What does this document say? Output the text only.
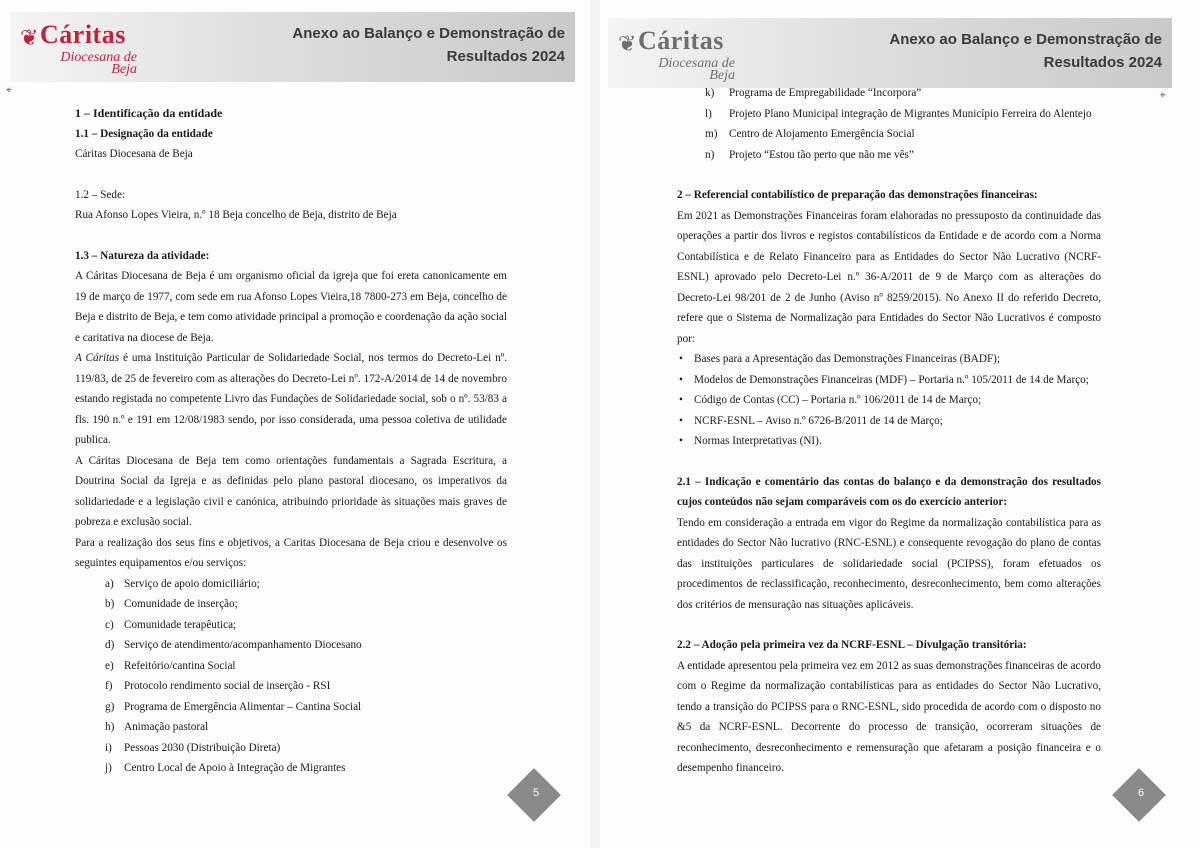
❦ Cáritas
Diocesana de
Beja
Anexo ao Balanço e Demonstração de
Resultados 2024
⌖

1 – Identificação da entidade

1.1 – Designação da entidade

Cáritas Diocesana de Beja

1.2 – Sede:

Rua Afonso Lopes Vieira, n.º 18 Beja concelho de Beja, distrito de Beja

1.3 – Natureza da atividade:

A Cáritas Diocesana de Beja é um organismo oficial da igreja que foi ereta canonicamente em 19 de março de 1977, com sede em rua Afonso Lopes Vieira,18 7800-273 em Beja, concelho de Beja e distrito de Beja, e tem como atividade principal a promoção e coordenação da ação social e caritativa na diocese de Beja.

A Cáritas é uma Instituição Particular de Solidariedade Social, nos termos do Decreto-Lei nº. 119/83, de 25 de fevereiro com as alterações do Decreto-Lei nº. 172-A/2014 de 14 de novembro estando registada no competente Livro das Fundações de Solidariedade social, sob o nº. 53/83 a fls. 190 n.º e 191 em 12/08/1983 sendo, por isso considerada, uma pessoa coletiva de utilidade publica.

A Cáritas Diocesana de Beja tem como orientações fundamentais a Sagrada Escritura, a Doutrina Social da Igreja e as definidas pelo plano pastoral diocesano, os imperativos da solidariedade e a legislação civil e canónica, atribuindo prioridade às situações mais graves de pobreza e exclusão social.

Para a realização dos seus fins e objetivos, a Caritas Diocesana de Beja criou e desenvolve os seguintes equipamentos e/ou serviços:

a) Serviço de apoio domiciliário;
b) Comunidade de inserção;
c) Comunidade terapêutica;
d) Serviço de atendimento/acompanhamento Diocesano
e) Refeitório/cantina Social
f) Protocolo rendimento social de inserção - RSI
g) Programa de Emergência Alimentar – Cantina Social
h) Animação pastoral
i) Pessoas 2030 (Distribuição Direta)
j) Centro Local de Apoio à Integração de Migrantes
5
❦ Cáritas
Diocesana de
Beja
Anexo ao Balanço e Demonstração de
Resultados 2024
⌖
k) Programa de Empregabilidade “Incorpora”
l) Projeto Plano Municipal integração de Migrantes Município Ferreira do Alentejo
m) Centro de Alojamento Emergência Social
n) Projeto “Estou tão perto que não me vês”

2 – Referencial contabilístico de preparação das demonstrações financeiras:

Em 2021 as Demonstrações Financeiras foram elaboradas no pressuposto da continuidade das operações a partir dos livros e registos contabilísticos da Entidade e de acordo com a Norma Contabilística e de Relato Financeiro para as Entidades do Sector Não Lucrativo (NCRF-ESNL) aprovado pelo Decreto-Lei n.º 36-A/2011 de 9 de Março com as alterações do Decreto-Lei 98/201 de 2 de Junho (Aviso nº 8259/2015). No Anexo II do referido Decreto, refere que o Sistema de Normalização para Entidades do Sector Não Lucrativos é composto por:

• Bases para a Apresentação das Demonstrações Financeiras (BADF);
• Modelos de Demonstrações Financeiras (MDF) – Portaria n.º 105/2011 de 14 de Março;
• Código de Contas (CC) – Portaria n.º 106/2011 de 14 de Março;
• NCRF-ESNL – Aviso n.º 6726-B/2011 de 14 de Março;
• Normas Interpretativas (NI).

2.1 – Indicação e comentário das contas do balanço e da demonstração dos resultados cujos conteúdos não sejam comparáveis com os do exercício anterior:

Tendo em consideração a entrada em vigor do Regime da normalização contabilística para as entidades do Sector Não lucrativo (RNC-ESNL) e consequente revogação do plano de contas das instituições particulares de solidariedade social (PCIPSS), foram efetuados os procedimentos de reclassificação, reconhecimento, desreconhecimento, bem como alterações dos critérios de mensuração nas situações aplicáveis.

2.2 – Adoção pela primeira vez da NCRF-ESNL – Divulgação transitória:

A entidade apresentou pela primeira vez em 2012 as suas demonstrações financeiras de acordo com o Regime da normalização contabilísticas para as entidades do Sector Não Lucrativo, tendo a transição do PCIPSS para o RNC-ESNL, sido procedida de acordo com o disposto no &5 da NCRF-ESNL. Decorrente do processo de transição, ocorreram situações de reconhecimento, desreconhecimento e remensuração que afetaram a posição financeira e o desempenho financeiro.

6
